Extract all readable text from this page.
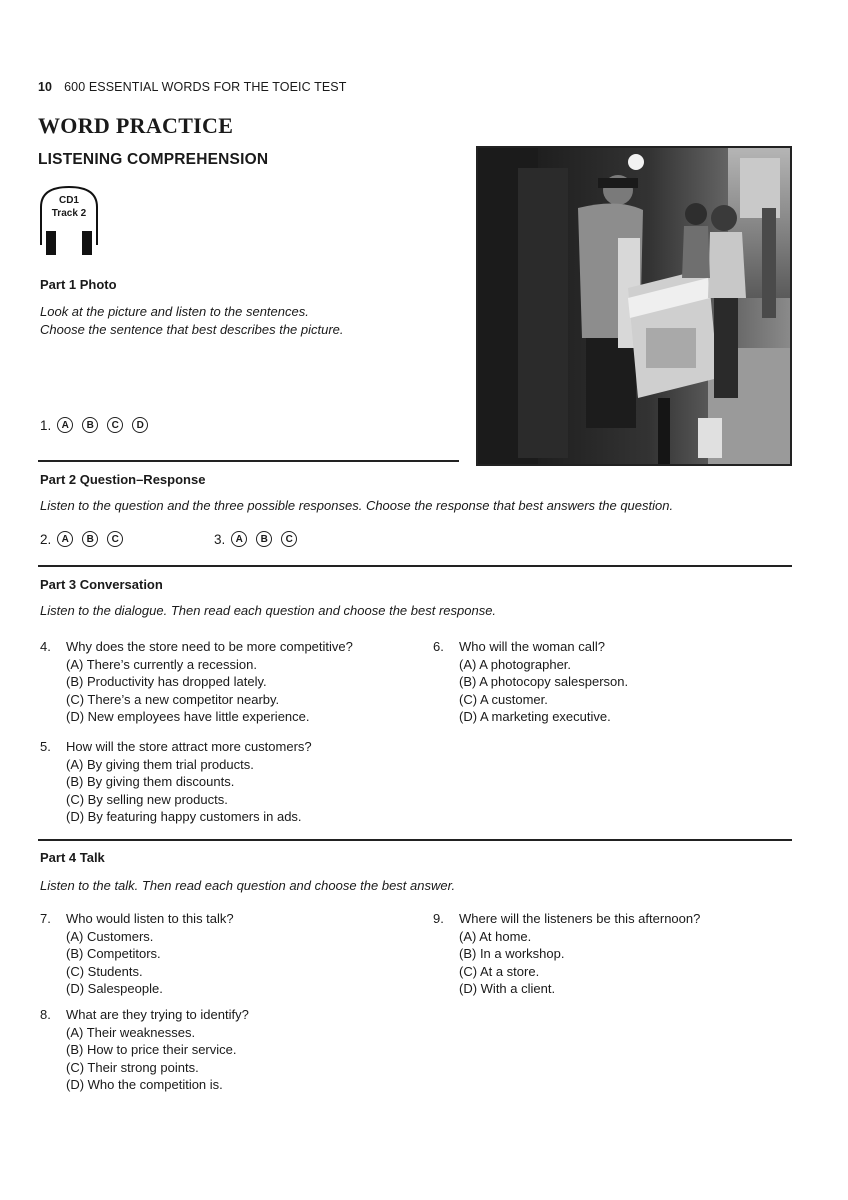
10 600 ESSENTIAL WORDS FOR THE TOEIC TEST
WORD PRACTICE
LISTENING COMPREHENSION
CD1
Track 2
Part 1 Photo
Look at the picture and listen to the sentences.
Choose the sentence that best describes the picture.
1.	A	B	C	D
Part 2 Question–Response
Listen to the question and the three possible responses. Choose the response that best answers the question.
2.	A	B	C	3.	A	B	C
Part 3 Conversation
Listen to the dialogue. Then read each question and choose the best response.
4.	Why does the store need to be more competitive?
(A) There’s currently a recession.
(B) Productivity has dropped lately.
(C) There’s a new competitor nearby.
(D) New employees have little experience.
5.	How will the store attract more customers?
(A) By giving them trial products.
(B) By giving them discounts.
(C) By selling new products.
(D) By featuring happy customers in ads.
6.	Who will the woman call?
(A) A photographer.
(B) A photocopy salesperson.
(C) A customer.
(D) A marketing executive.
Part 4 Talk
Listen to the talk. Then read each question and choose the best answer.
7.	Who would listen to this talk?
(A) Customers.
(B) Competitors.
(C) Students.
(D) Salespeople.
8.	What are they trying to identify?
(A) Their weaknesses.
(B) How to price their service.
(C) Their strong points.
(D) Who the competition is.
9.	Where will the listeners be this afternoon?
(A) At home.
(B) In a workshop.
(C) At a store.
(D) With a client.
